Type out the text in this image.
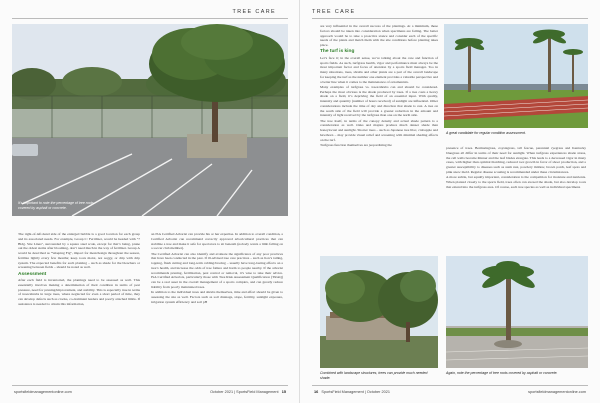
TREE CARE
It's important to note the percentage of tree roots covered by asphalt or concrete.

The right-of-left-hand side of the enlarged bubble is a good location for each group and its associated needs. For example, Group C: Fertilizer, would be headed with "7 Bldg. Site Lines", surrounded by a square steel scale, except for that’s being, prune out the oldest stems after blooming, don’t need much in the way of fertilizer. Group A would be described as "Weeping Fig", impact for meal/design throughout the season, fertilize lightly every few months; keep roots moist, not soggy, or drip with drip system. The expected benefits for each planting – such as shade for the bleachers or screening between fields – should be noted as well.

Assessment

After each field is inventoried, the plantings need to be assessed as well. This essentially involves making a determination of their condition in terms of pest pressure, need for pruning/improvement, and stability. This is especially true in terms of trees/shrubs in large trees, where neglected for even a short period of time, they can develop defects such as cracks, co-dominant leaders and poorly attached limbs. If assistance is needed to obtain this information,

an ISA Certified Arborist can provide his or her expertise. In addition to overall condition, a Certified Arborist can recommend correctly approved arboricultural practices that can stabilize a tree and make it safe for spectators to sit beneath (nobody wants a limb falling on a soccer club member).

The Certified Arborist can also identify and evaluate the significance of any poor practices that have been conducted in the past. If ill-advised tree care practices – such as lion’s tailing, topping, flush cutting and long-term cabling/bracing – usually have long-lasting effects on a tree’s health, and increase the odds of tree failure and harm to people nearby. If the arborist recommends pruning, fertilization, pest control or removal, it’s wise to take their advice. ISA Certified Arborists, particularly those with Tree Risk Assessment Qualification (TRAQ) can be a real asset in the overall management of a sports complex, and can greatly reduce liability from poorly maintained trees.

In addition to the individual trees and shrubs themselves, time and effort should be given to assessing the site as well. Factors such as soil drainage, slope, fertility, sunlight exposure, irrigation system efficiency and soil pH

sportsfieldmanagementonline.com	October 2021 | SportsField Management 15
TREE CARE

are very influential in the overall success of the plantings. At a minimum, these factors should be taken into consideration when specimens are failing. The better approach would be to take a proactive stance and consider each of the specific needs of the plants and match them with the site conditions before planting takes place.

The turf is king

Let’s face it; in the overall sense, we’re talking about the care and function of sports fields. As such, turfgrass health, vigor and performance must always be the most important factor and focus of attention by a sports field manager. Too in many situations, trees, shrubs and other plants are a part of the overall landscape for keeping the turf as the number one element provides a valuable perspective and a better line when it comes to the maintenance of ornamentals.

Many examples of turfgrass vs. trees/shrubs can and should be considered. Perhaps the most obvious is the shade produced by trees. If a tree casts a heavy shade on a field, it’s depriving the field of an essential input. With quality, intensity and quantity (number of hours received) of sunlight are influential. Other considerations include the time of day and direction that shade is cast. A tree on the south side of the field will provide a greater reduction in the amount and intensity of light received by the turfgrass than one on the north side.

The tree itself, in terms of the canopy density and actual shade pattern is a consideration as well. Oaks and maples produce much denser shade than honeylocust and sunlight. Shorter trees – such as Japanese tree lilac, crabapple and hawthorn – may provide visual relief and screening with minimal shading effects on the turf.

Turfgrass function themselves are jeopardizing the

A great candidate for regular condition assessment.

presence of trees. Bermudagrass, zoysiagrass, tall fescue, perennial ryegrass and Kentucky bluegrass all differ in terms of their need for sunlight. When turfgrass experiences shade stress, the cell walls become thinner and the leaf blades elongate. This leads to a decreased vigor in many cases, with higher than optimal thatching, reduced root growth in favor of shoot production, and a greater susceptibility to diseases such as stem rust, powdery mildew, brown patch, leaf spots and pink snow mold. Regular disease scouting is recommended under these circumstances.

A more subtle, but equally important, consideration is the competition for moisture and nutrients. When planted closely to the sports field, trees often can exceed the shade, but also develop roots that extend into the turfgrass area. Of course, each tree species as well as individual specimens

Combined with landscape structures, trees can provide much needed shade.
Again, note the percentage of tree roots covered by asphalt or concrete.
16 SportsField Management | October 2021	sportsfieldmanagementonline.com
